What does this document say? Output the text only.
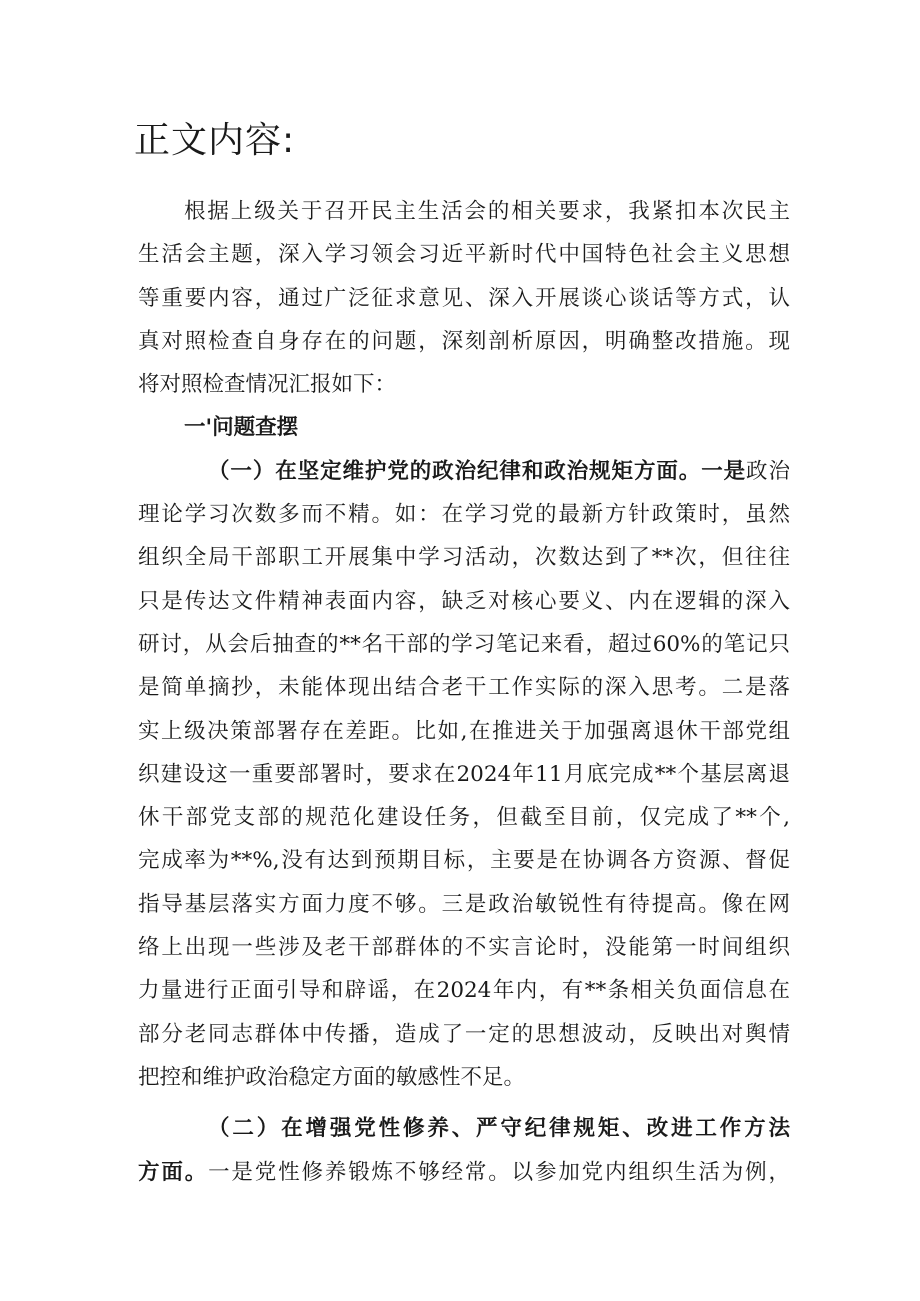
正文内容:
根据上级关于召开民主生活会的相关要求，我紧扣本次民主
生活会主题，深入学习领会习近平新时代中国特色社会主义思想
等重要内容，通过广泛征求意见、深入开展谈心谈话等方式，认
真对照检查自身存在的问题，深刻剖析原因，明确整改措施。现
将对照检查情况汇报如下：
一'问题查摆
（一）在坚定维护党的政治纪律和政治规矩方面。一是政治
理论学习次数多而不精。如：在学习党的最新方针政策时，虽然
组织全局干部职工开展集中学习活动，次数达到了**次，但往往
只是传达文件精神表面内容，缺乏对核心要义、内在逻辑的深入
研讨，从会后抽查的**名干部的学习笔记来看，超过60%的笔记只
是简单摘抄，未能体现出结合老干工作实际的深入思考。二是落
实上级决策部署存在差距。比如,在推进关于加强离退休干部党组
织建设这一重要部署时，要求在2024年11月底完成**个基层离退
休干部党支部的规范化建设任务，但截至目前，仅完成了**个,
完成率为**%,没有达到预期目标，主要是在协调各方资源、督促
指导基层落实方面力度不够。三是政治敏锐性有待提高。像在网
络上出现一些涉及老干部群体的不实言论时，没能第一时间组织
力量进行正面引导和辟谣，在2024年内，有**条相关负面信息在
部分老同志群体中传播，造成了一定的思想波动，反映出对舆情
把控和维护政治稳定方面的敏感性不足。
（二）在增强党性修养、严守纪律规矩、改进工作方法
方面。一是党性修养锻炼不够经常。以参加党内组织生活为例，
